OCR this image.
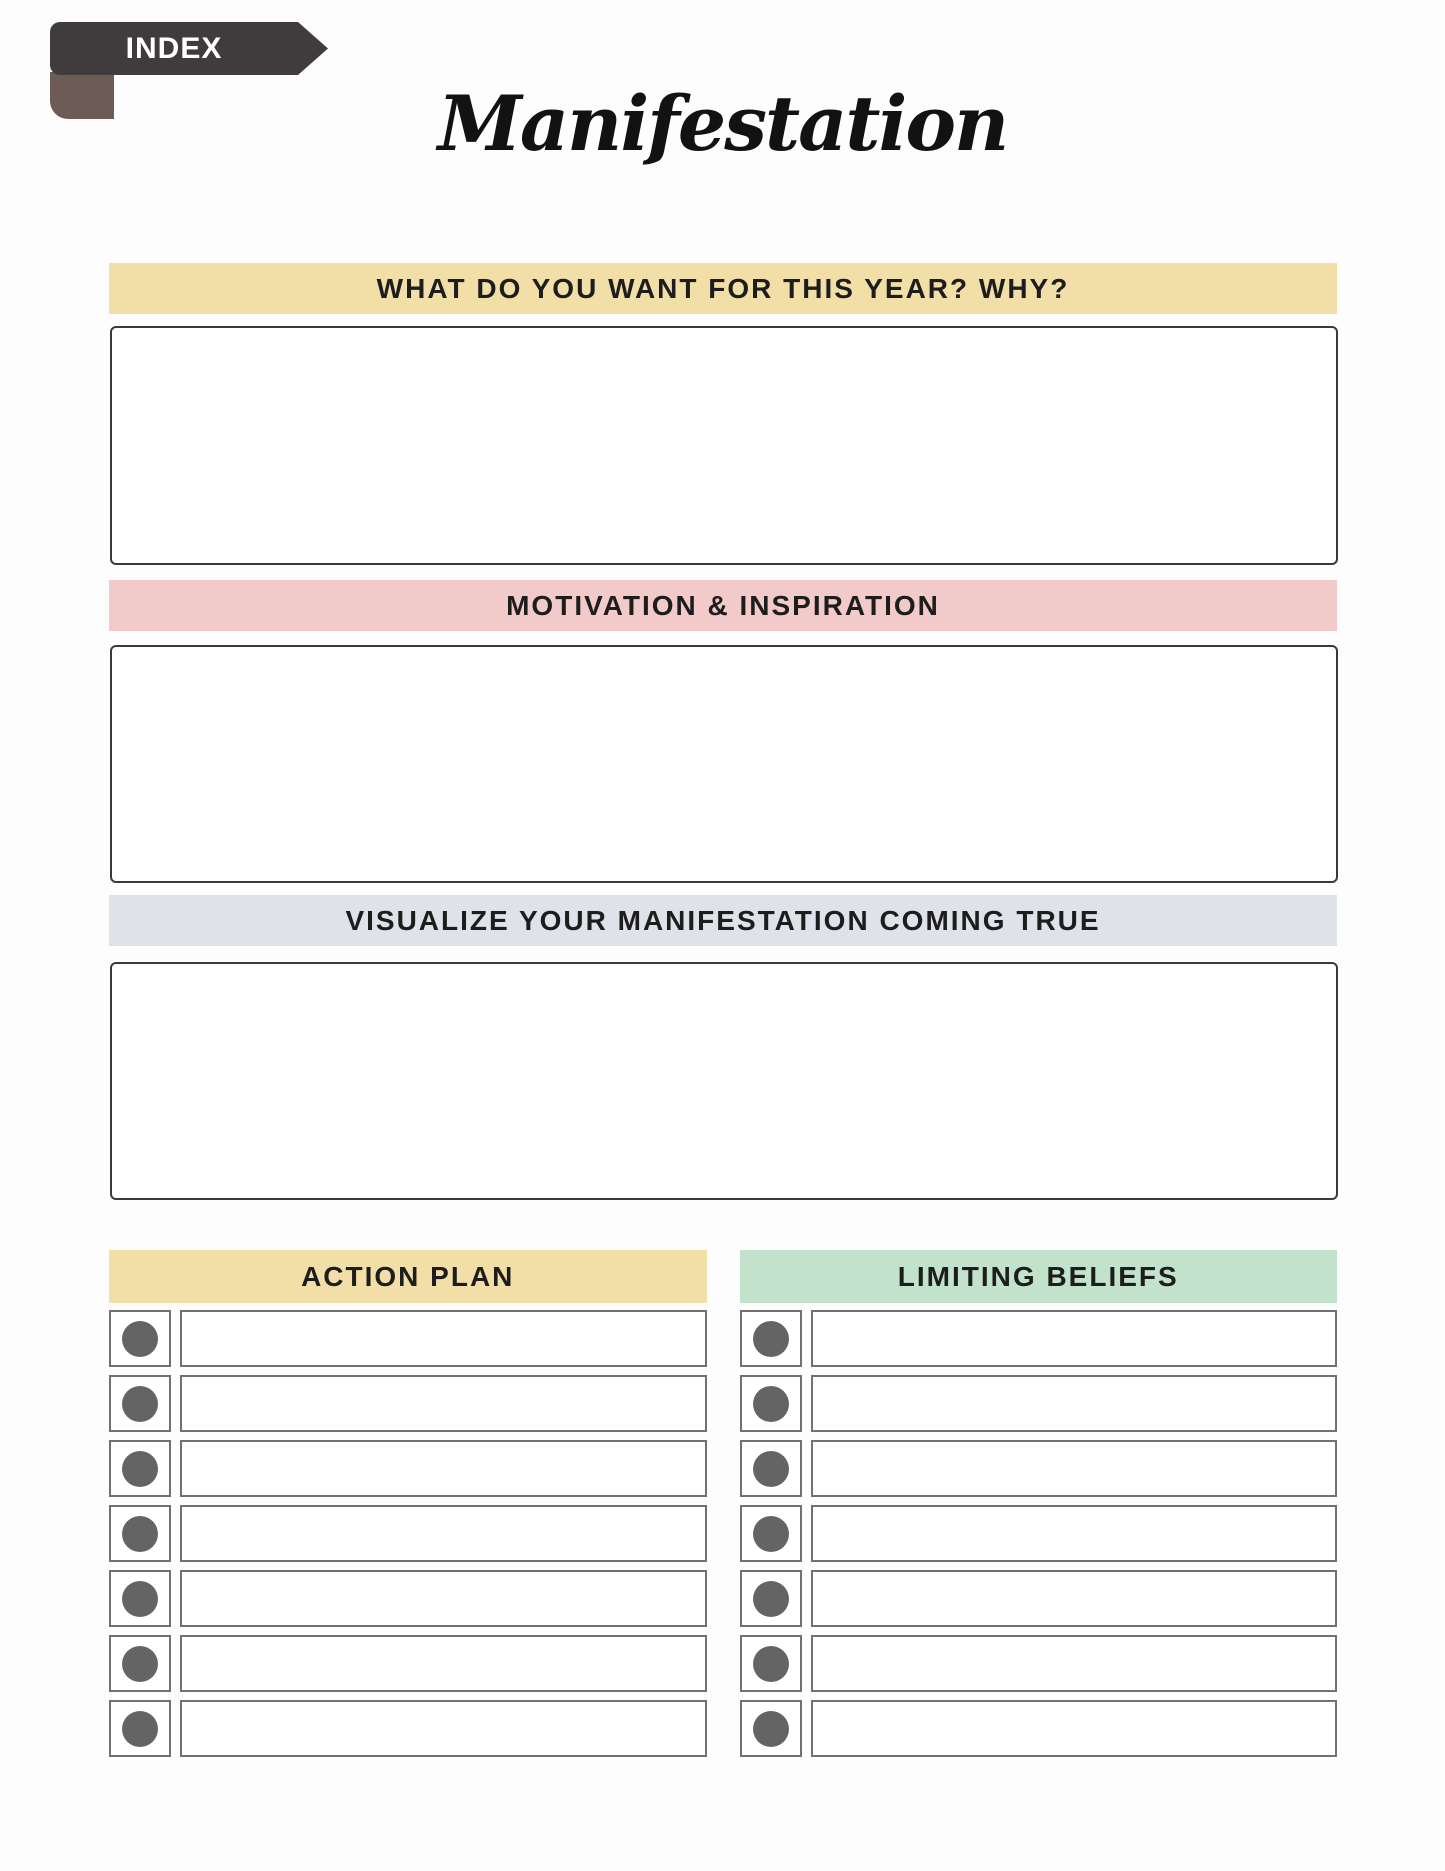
INDEX
Manifestation
WHAT DO YOU WANT FOR THIS YEAR? WHY?
MOTIVATION & INSPIRATION
VISUALIZE YOUR MANIFESTATION COMING TRUE
ACTION PLAN	LIMITING BELIEFS
